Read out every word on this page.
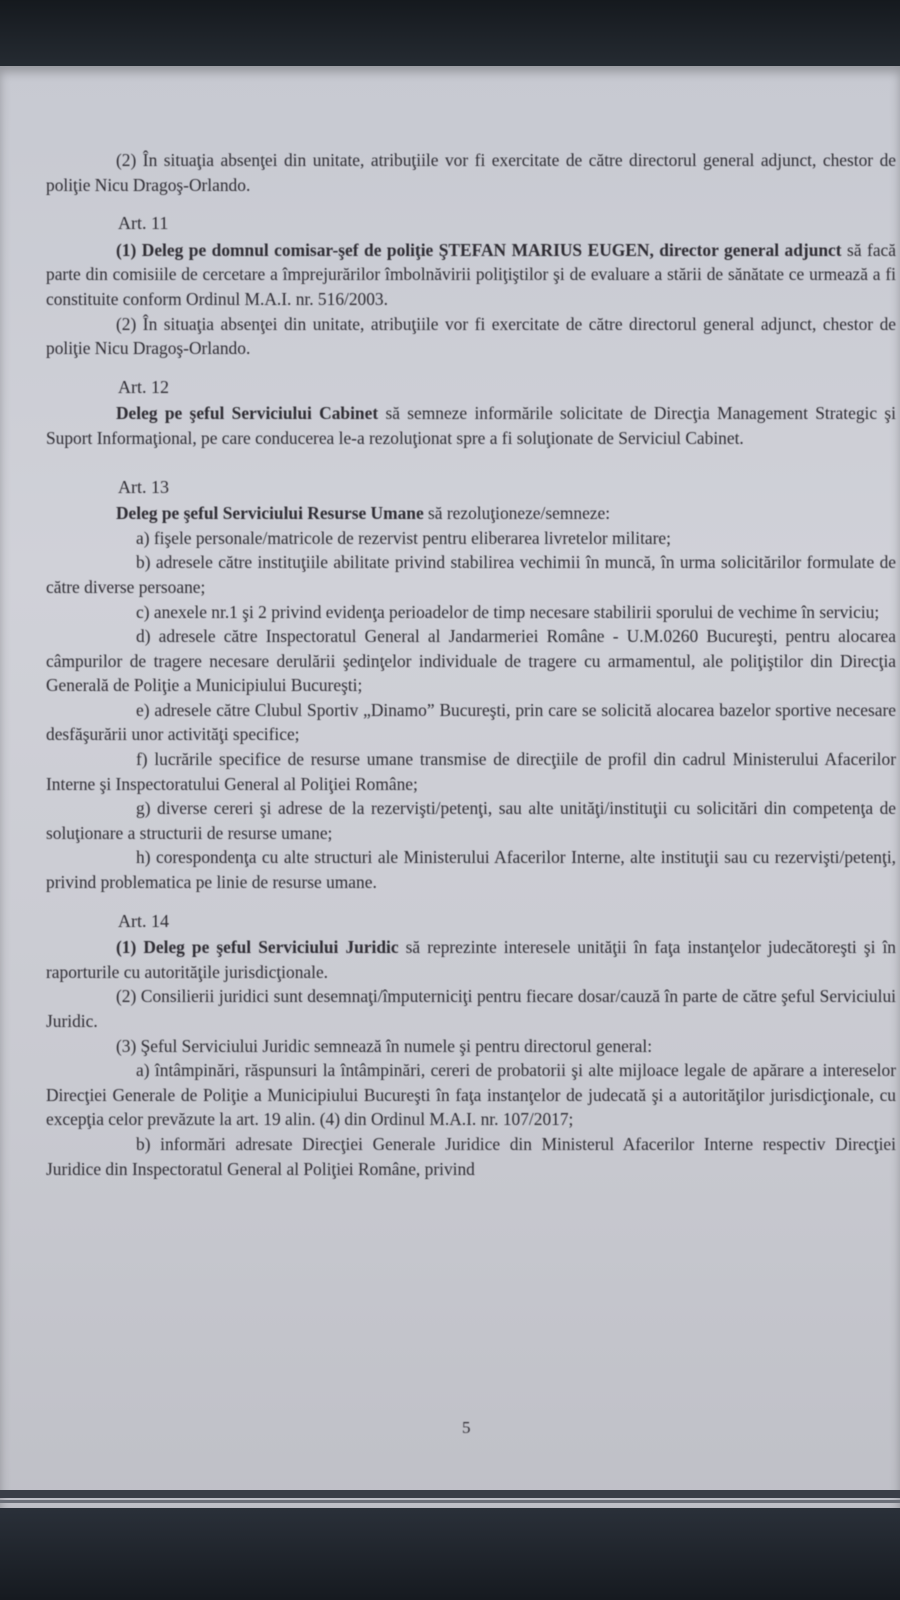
(2) În situaţia absenţei din unitate, atribuţiile vor fi exercitate de către directorul general adjunct, chestor de poliţie Nicu Dragoş-Orlando.

Art. 11

(1) Deleg pe domnul comisar-şef de poliţie ŞTEFAN MARIUS EUGEN, director general adjunct să facă parte din comisiile de cercetare a împrejurărilor îmbolnăvirii poliţiştilor şi de evaluare a stării de sănătate ce urmează a fi constituite conform Ordinul M.A.I. nr. 516/2003.

(2) În situaţia absenţei din unitate, atribuţiile vor fi exercitate de către directorul general adjunct, chestor de poliţie Nicu Dragoş-Orlando.

Art. 12

Deleg pe şeful Serviciului Cabinet să semneze informările solicitate de Direcţia Management Strategic şi Suport Informaţional, pe care conducerea le-a rezoluţionat spre a fi soluţionate de Serviciul Cabinet.

Art. 13

Deleg pe şeful Serviciului Resurse Umane să rezoluţioneze/semneze:

a) fişele personale/matricole de rezervist pentru eliberarea livretelor militare;

b) adresele către instituţiile abilitate privind stabilirea vechimii în muncă, în urma solicitărilor formulate de către diverse persoane;

c) anexele nr.1 şi 2 privind evidenţa perioadelor de timp necesare stabilirii sporului de vechime în serviciu;

d) adresele către Inspectoratul General al Jandarmeriei Române - U.M.0260 Bucureşti, pentru alocarea câmpurilor de tragere necesare derulării şedinţelor individuale de tragere cu armamentul, ale poliţiştilor din Direcţia Generală de Poliţie a Municipiului Bucureşti;

e) adresele către Clubul Sportiv „Dinamo” Bucureşti, prin care se solicită alocarea bazelor sportive necesare desfăşurării unor activităţi specifice;

f) lucrările specifice de resurse umane transmise de direcţiile de profil din cadrul Ministerului Afacerilor Interne şi Inspectoratului General al Poliţiei Române;

g) diverse cereri şi adrese de la rezervişti/petenţi, sau alte unităţi/instituţii cu solicitări din competenţa de soluţionare a structurii de resurse umane;

h) corespondenţa cu alte structuri ale Ministerului Afacerilor Interne, alte instituţii sau cu rezervişti/petenţi, privind problematica pe linie de resurse umane.

Art. 14

(1) Deleg pe şeful Serviciului Juridic să reprezinte interesele unităţii în faţa instanţelor judecătoreşti şi în raporturile cu autorităţile jurisdicţionale.

(2) Consilierii juridici sunt desemnaţi/împuterniciţi pentru fiecare dosar/cauză în parte de către şeful Serviciului Juridic.

(3) Şeful Serviciului Juridic semnează în numele şi pentru directorul general:

a) întâmpinări, răspunsuri la întâmpinări, cereri de probatorii şi alte mijloace legale de apărare a intereselor Direcţiei Generale de Poliţie a Municipiului Bucureşti în faţa instanţelor de judecată şi a autorităţilor jurisdicţionale, cu excepţia celor prevăzute la art. 19 alin. (4) din Ordinul M.A.I. nr. 107/2017;

b) informări adresate Direcţiei Generale Juridice din Ministerul Afacerilor Interne respectiv Direcţiei Juridice din Inspectoratul General al Poliţiei Române, privind

5
